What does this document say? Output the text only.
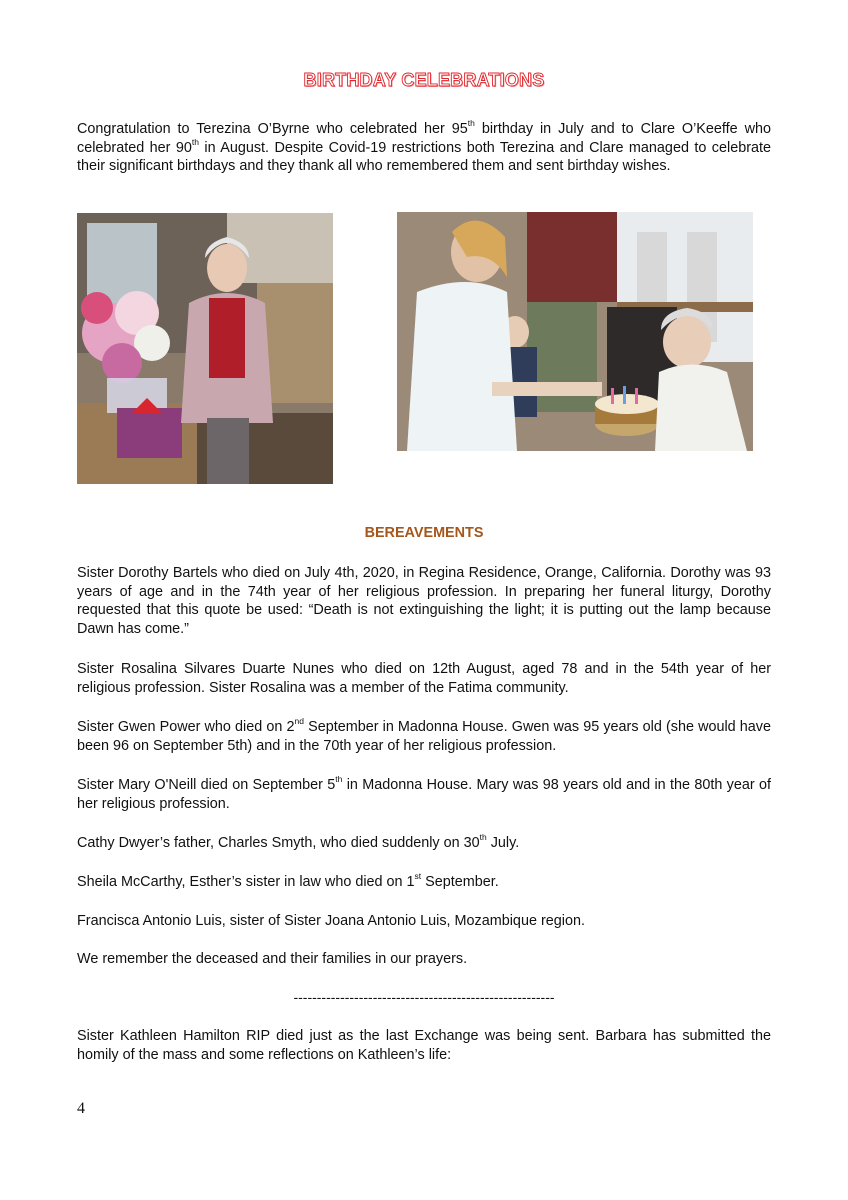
BIRTHDAY CELEBRATIONS

Congratulation to Terezina O’Byrne who celebrated her 95th birthday in July and to Clare O’Keeffe who celebrated her 90th in August. Despite Covid-19 restrictions both Terezina and Clare managed to celebrate their significant birthdays and they thank all who remembered them and sent birthday wishes.

BEREAVEMENTS

Sister Dorothy Bartels who died on July 4th, 2020, in Regina Residence, Orange, California. Dorothy was 93 years of age and in the 74th year of her religious profession. In preparing her funeral liturgy, Dorothy requested that this quote be used: “Death is not extinguishing the light; it is putting out the lamp because Dawn has come.”

Sister Rosalina Silvares Duarte Nunes who died on 12th August, aged 78 and in the 54th year of her religious profession. Sister Rosalina was a member of the Fatima community.

Sister Gwen Power who died on 2nd September in Madonna House. Gwen was 95 years old (she would have been 96 on September 5th) and in the 70th year of her religious profession.

Sister Mary O'Neill died on September 5th in Madonna House. Mary was 98 years old and in the 80th year of her religious profession.

Cathy Dwyer’s father, Charles Smyth, who died suddenly on 30th July.

Sheila McCarthy, Esther’s sister in law who died on 1st September.

Francisca Antonio Luis, sister of Sister Joana Antonio Luis, Mozambique region.

We remember the deceased and their families in our prayers.

--------------------------------------------------------

Sister Kathleen Hamilton RIP died just as the last Exchange was being sent. Barbara has submitted the homily of the mass and some reflections on Kathleen’s life:

4
